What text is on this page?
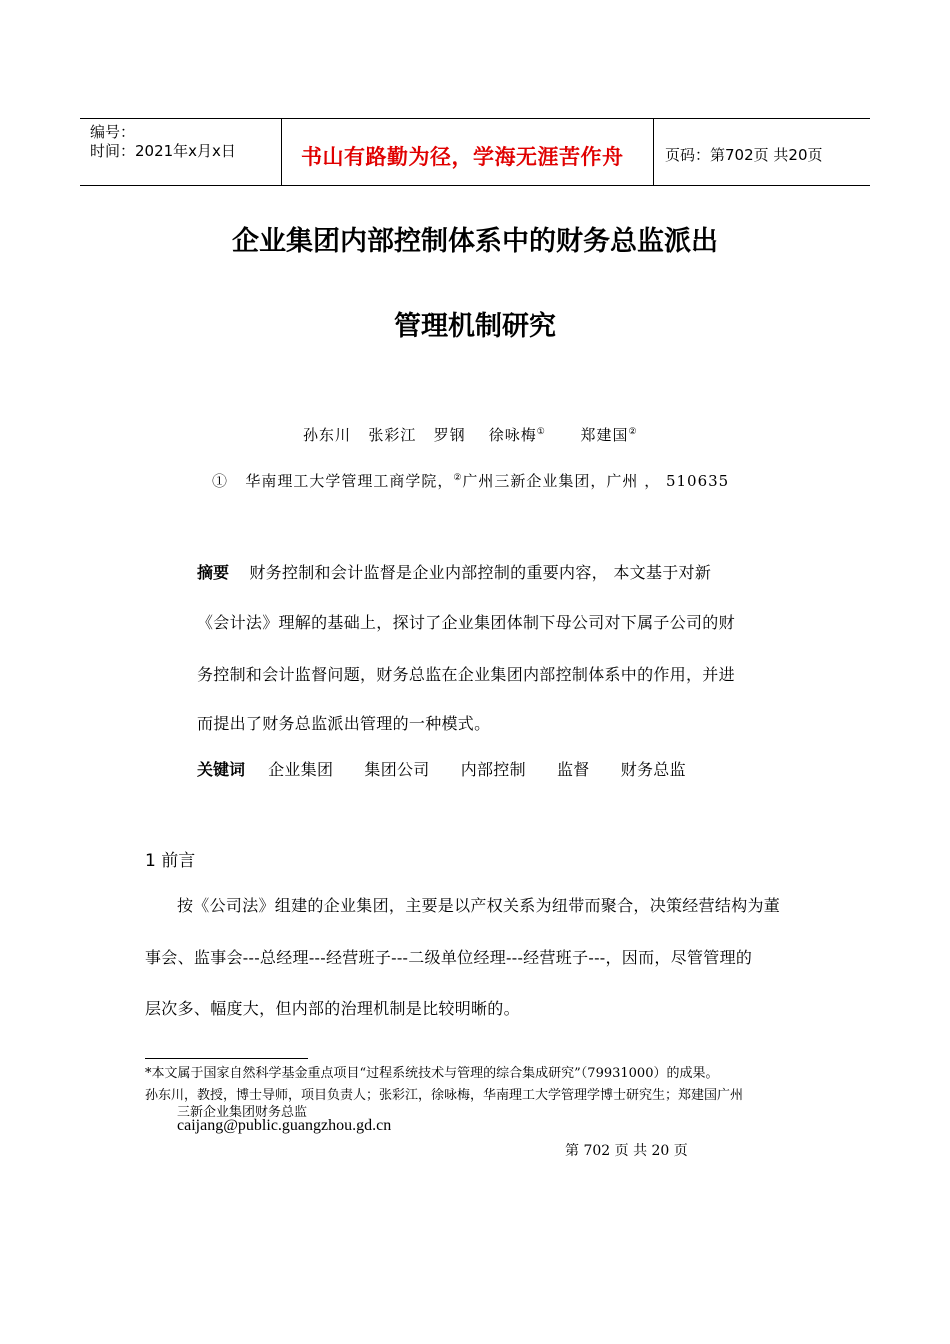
编号：
时间：2021年x月x日	书山有路勤为径，学海无涯苦作舟	页码：第702页 共20页
企业集团内部控制体系中的财务总监派出
管理机制研究
孙东川 张彩江 罗钢 徐咏梅① 郑建国②
① 华南理工大学管理工商学院，②广州三新企业集团，广州 ， 510635
摘要 财务控制和会计监督是企业内部控制的重要内容， 本文基于对新
《会计法》理解的基础上，探讨了企业集团体制下母公司对下属子公司的财
务控制和会计监督问题，财务总监在企业集团内部控制体系中的作用，并进
而提出了财务总监派出管理的一种模式。
关键词 企业集团 集团公司 内部控制 监督 财务总监
1 前言
按《公司法》组建的企业集团，主要是以产权关系为纽带而聚合，决策经营结构为董
事会、监事会---总经理---经营班子---二级单位经理---经营班子---，因而，尽管管理的
层次多、幅度大，但内部的治理机制是比较明晰的。
*本文属于国家自然科学基金重点项目“过程系统技术与管理的综合集成研究”（79931000）的成果。
孙东川，教授，博士导师，项目负责人；张彩江，徐咏梅，华南理工大学管理学博士研究生；郑建国广州
三新企业集团财务总监
caijang@public.guangzhou.gd.cn
第 702 页 共 20 页
